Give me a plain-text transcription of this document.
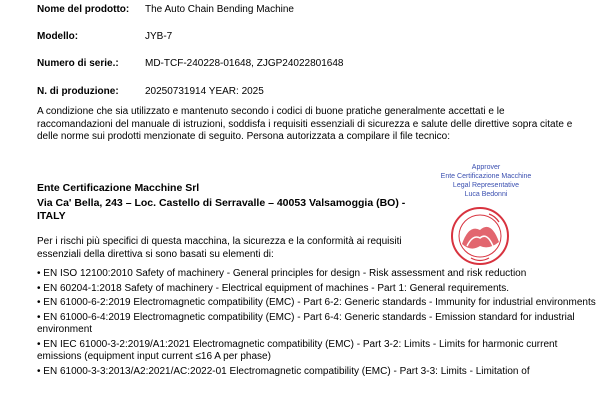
Nome del prodotto: The Auto Chain Bending Machine
Modello:	JYB-7
Numero di serie.:	MD-TCF-240228-01648, ZJGP24022801648
N. di produzione:	20250731914 YEAR: 2025
A condizione che sia utilizzato e mantenuto secondo i codici di buone pratiche generalmente accettati e le raccomandazioni del manuale di istruzioni, soddisfa i requisiti essenziali di sicurezza e salute delle direttive sopra citate e delle norme sui prodotti menzionate di seguito. Persona autorizzata a compilare il file tecnico:
Ente Certificazione Macchine Srl
Via Ca' Bella, 243 – Loc. Castello di Serravalle – 40053 Valsamoggia (BO) - ITALY
Per i rischi più specifici di questa macchina, la sicurezza e la conformità ai requisiti essenziali della direttiva si sono basati su elementi di:
• EN ISO 12100:2010 Safety of machinery - General principles for design - Risk assessment and risk reduction
• EN 60204-1:2018 Safety of machinery - Electrical equipment of machines - Part 1: General requirements.
• EN 61000-6-2:2019 Electromagnetic compatibility (EMC) - Part 6-2: Generic standards - Immunity for industrial environments
• EN 61000-6-4:2019 Electromagnetic compatibility (EMC) - Part 6-4: Generic standards - Emission standard for industrial environment
• EN IEC 61000-3-2:2019/A1:2021 Electromagnetic compatibility (EMC) - Part 3-2: Limits - Limits for harmonic current emissions (equipment input current ≤16 A per phase)
• EN 61000-3-3:2013/A2:2021/AC:2022-01 Electromagnetic compatibility (EMC) - Part 3-3: Limits - Limitation of
Approver
Ente Certificazione Macchine
Legal Representative
Luca Bedonni
